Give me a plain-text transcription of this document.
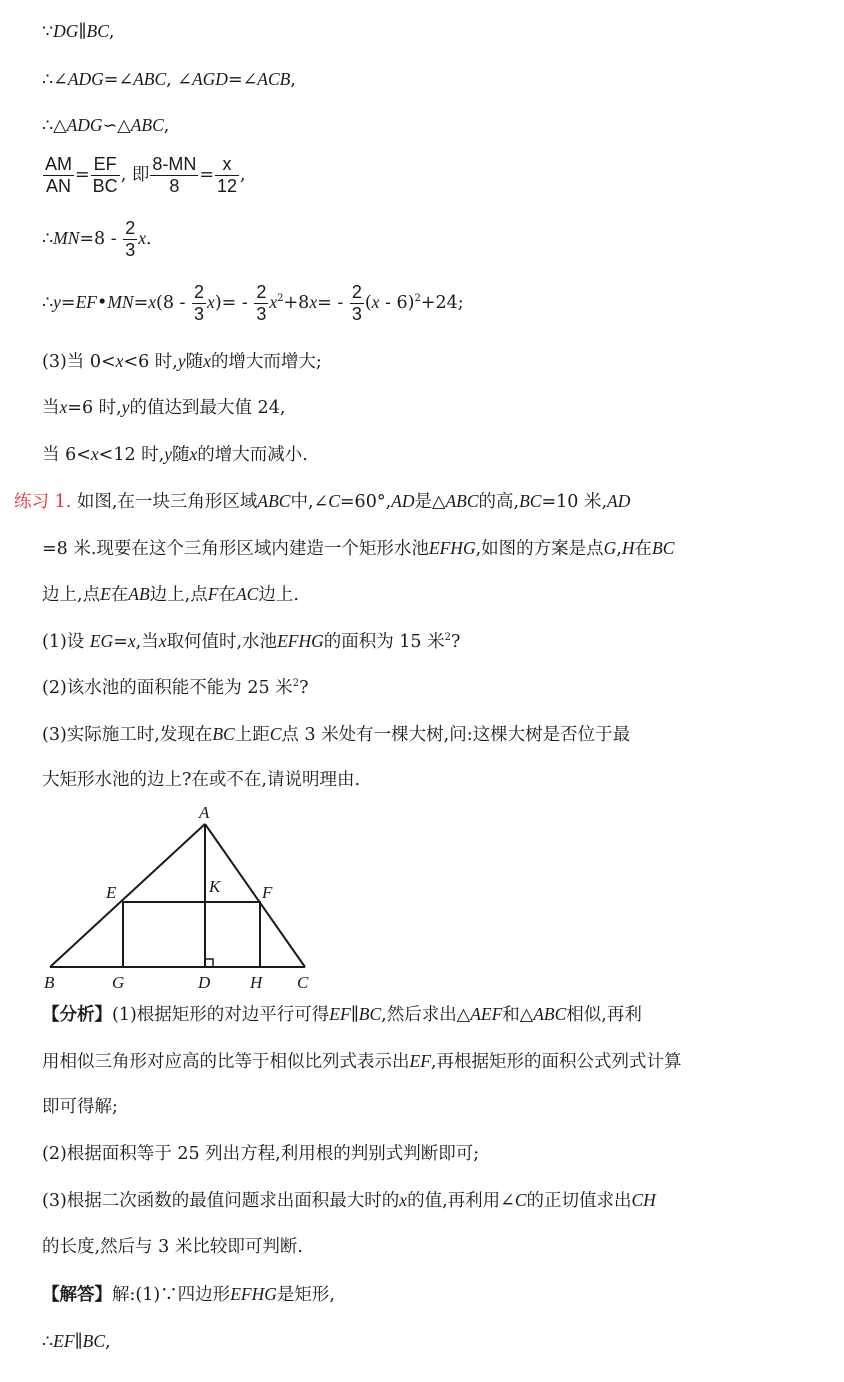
∵DG∥BC,
∴∠ADG=∠ABC, ∠AGD=∠ACB,
∴△ADG∽△ABC,
$\frac{AM}{AN} = \frac{EF}{BC}$ , 即 $\frac{8-MN}{8} = \frac{x}{12}$ ,
∴MN=8 - $\frac{2}{3} x$.
∴y=EF•MN=x(8 - $\frac{2}{3} x)= - \frac{2}{3} x^2+8x= - \frac{2}{3} (x - 6)^2+24$;
(3)当 0<x<6 时,y随x的增大而增大;
当x=6 时,y的值达到最大值 24,
当 6<x<12 时,y随x的增大而减小.
练习 1. 如图,在一块三角形区域ABC中,∠C=60°,AD是△ABC的高,BC=10 米,AD
=8 米.现要在这个三角形区域内建造一个矩形水池EFHG,如图的方案是点G,H在BC
边上,点E在AB边上,点F在AC边上.
(1)设 EG=x,当x取何值时,水池EFHG的面积为 15 米$^2$?
(2)该水池的面积能不能为 25 米$^2$?
(3)实际施工时,发现在BC上距C点 3 米处有一棵大树,问:这棵大树是否位于最
大矩形水池的边上?在或不在,请说明理由.
A
B	C
D
E	F
G	H
K
【分析】(1)根据矩形的对边平行可得EF∥BC,然后求出△AEF和△ABC相似,再利
用相似三角形对应高的比等于相似比列式表示出EF,再根据矩形的面积公式列式计算
即可得解;
(2)根据面积等于 25 列出方程,利用根的判别式判断即可;
(3)根据二次函数的最值问题求出面积最大时的x的值,再利用∠C的正切值求出CH
的长度,然后与 3 米比较即可判断.
【解答】解:(1)∵四边形EFHG是矩形,
∴EF∥BC,
